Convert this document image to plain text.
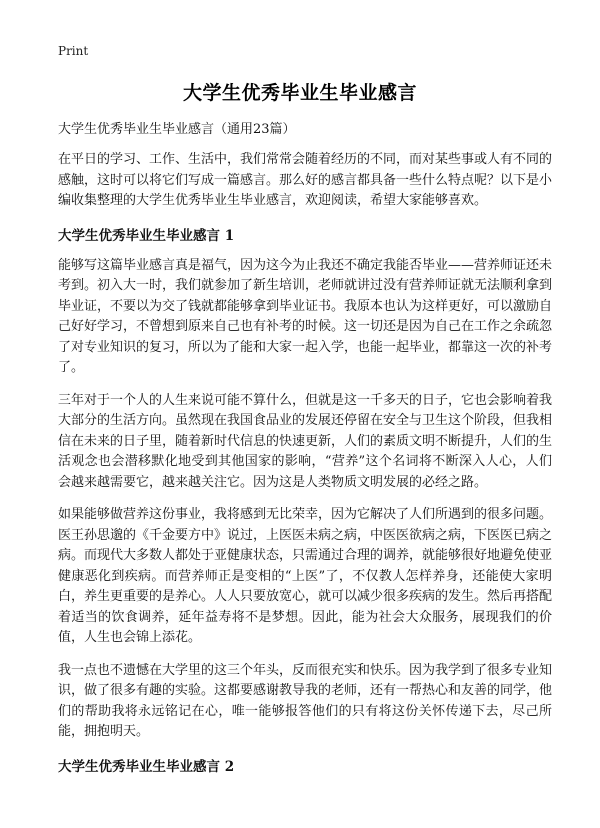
Print
大学生优秀毕业生毕业感言
大学生优秀毕业生毕业感言（通用23篇）

在平日的学习、工作、生活中，我们常常会随着经历的不同，而对某些事或人有不同的感触，这时可以将它们写成一篇感言。那么好的感言都具备一些什么特点呢？以下是小编收集整理的大学生优秀毕业生毕业感言，欢迎阅读，希望大家能够喜欢。

大学生优秀毕业生毕业感言 1

能够写这篇毕业感言真是福气，因为这今为止我还不确定我能否毕业——营养师证还未考到。初入大一时，我们就参加了新生培训，老师就讲过没有营养师证就无法顺利拿到毕业证，不要以为交了钱就都能够拿到毕业证书。我原本也认为这样更好，可以激励自己好好学习，不曾想到原来自己也有补考的时候。这一切还是因为自己在工作之余疏忽了对专业知识的复习，所以为了能和大家一起入学，也能一起毕业，都靠这一次的补考了。

三年对于一个人的人生来说可能不算什么，但就是这一千多天的日子，它也会影响着我大部分的生活方向。虽然现在我国食品业的发展还停留在安全与卫生这个阶段，但我相信在未来的日子里，随着新时代信息的快速更新，人们的素质文明不断提升，人们的生活观念也会潜移默化地受到其他国家的影响，“营养”这个名词将不断深入人心，人们会越来越需要它，越来越关注它。因为这是人类物质文明发展的必经之路。

如果能够做营养这份事业，我将感到无比荣幸，因为它解决了人们所遇到的很多问题。医王孙思邈的《千金要方中》说过，上医医未病之病，中医医欲病之病，下医医已病之病。而现代大多数人都处于亚健康状态，只需通过合理的调养，就能够很好地避免使亚健康恶化到疾病。而营养师正是变相的“上医”了，不仅教人怎样养身，还能使大家明白，养生更重要的是养心。人人只要放宽心，就可以减少很多疾病的发生。然后再搭配着适当的饮食调养，延年益寿将不是梦想。因此，能为社会大众服务，展现我们的价值，人生也会锦上添花。

我一点也不遗憾在大学里的这三个年头，反而很充实和快乐。因为我学到了很多专业知识，做了很多有趣的实验。这都要感谢教导我的老师，还有一帮热心和友善的同学，他们的帮助我将永远铭记在心，唯一能够报答他们的只有将这份关怀传递下去，尽己所能，拥抱明天。

大学生优秀毕业生毕业感言 2
